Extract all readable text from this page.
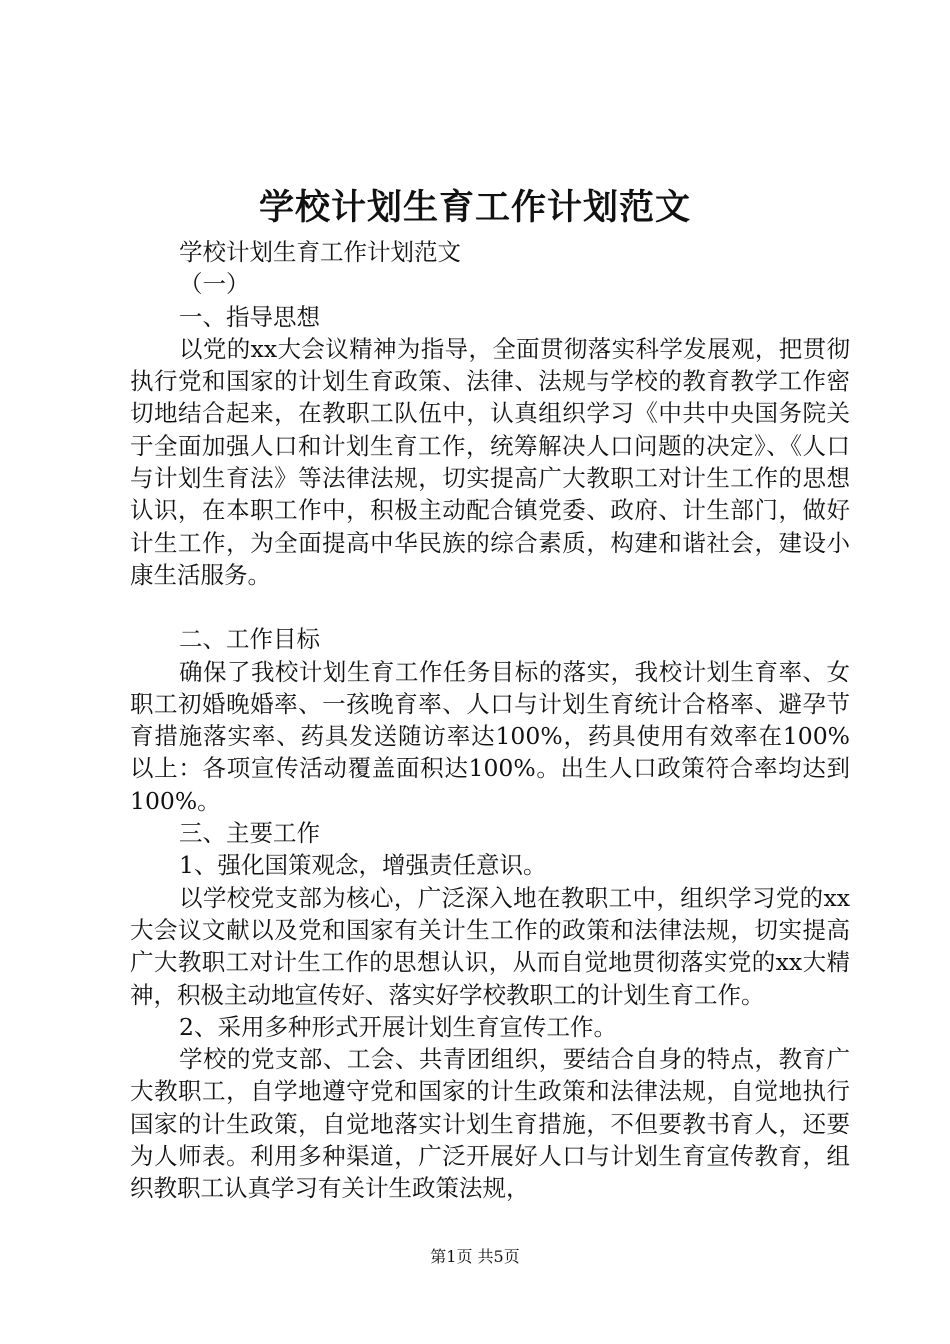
学校计划生育工作计划范文

学校计划生育工作计划范文

（一）

一、指导思想

以党的xx大会议精神为指导，全面贯彻落实科学发展观，把贯彻执行党和国家的计划生育政策、法律、法规与学校的教育教学工作密切地结合起来，在教职工队伍中，认真组织学习《中共中央国务院关于全面加强人口和计划生育工作，统筹解决人口问题的决定》、《人口与计划生育法》等法律法规，切实提高广大教职工对计生工作的思想认识，在本职工作中，积极主动配合镇党委、政府、计生部门，做好计生工作，为全面提高中华民族的综合素质，构建和谐社会，建设小康生活服务。

二、工作目标

确保了我校计划生育工作任务目标的落实，我校计划生育率、女职工初婚晚婚率、一孩晚育率、人口与计划生育统计合格率、避孕节育措施落实率、药具发送随访率达100%，药具使用有效率在100%以上：各项宣传活动覆盖面积达100%。出生人口政策符合率均达到100%。

三、主要工作

1、强化国策观念，增强责任意识。

以学校党支部为核心，广泛深入地在教职工中，组织学习党的xx大会议文献以及党和国家有关计生工作的政策和法律法规，切实提高广大教职工对计生工作的思想认识，从而自觉地贯彻落实党的xx大精神，积极主动地宣传好、落实好学校教职工的计划生育工作。

2、采用多种形式开展计划生育宣传工作。

学校的党支部、工会、共青团组织，要结合自身的特点，教育广大教职工，自学地遵守党和国家的计生政策和法律法规，自觉地执行国家的计生政策，自觉地落实计划生育措施，不但要教书育人，还要为人师表。利用多种渠道，广泛开展好人口与计划生育宣传教育，组织教职工认真学习有关计生政策法规，

第1页 共5页
